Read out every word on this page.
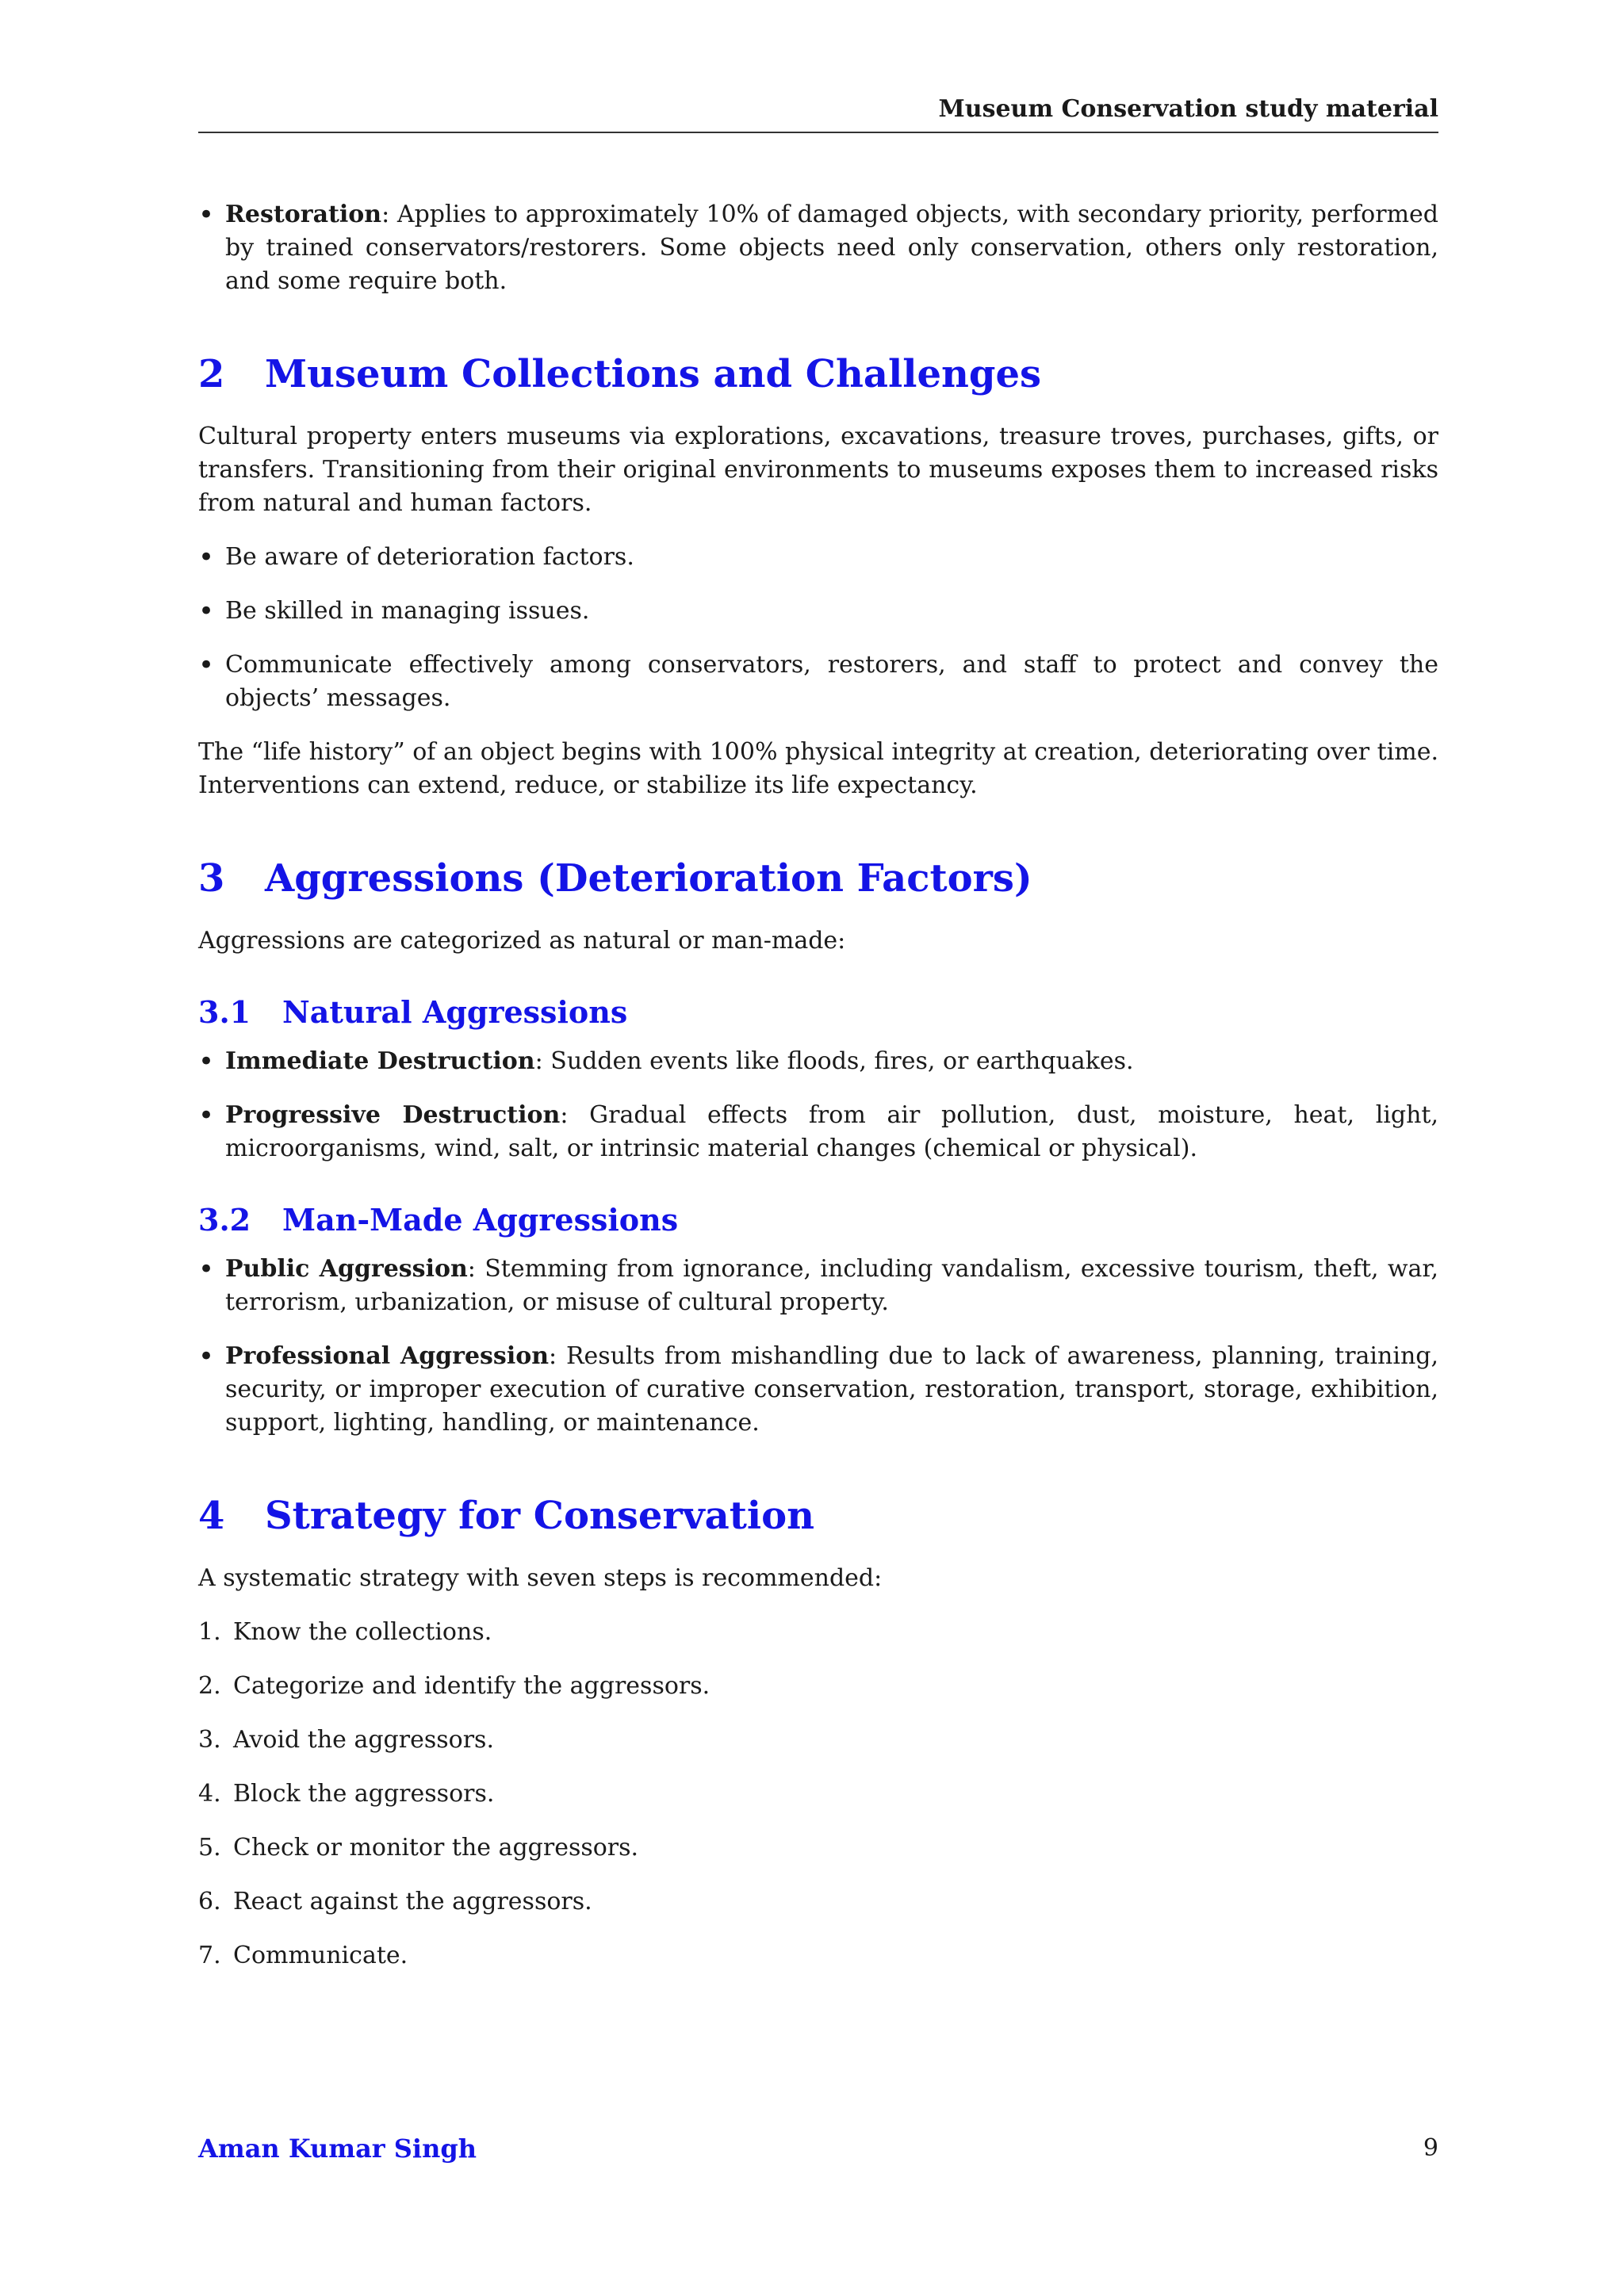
Museum Conservation study material
• Restoration: Applies to approximately 10% of damaged objects, with secondary priority, performed by trained conservators/restorers. Some objects need only conservation, others only restoration, and some require both.
2 Museum Collections and Challenges

Cultural property enters museums via explorations, excavations, treasure troves, purchases, gifts, or transfers. Transitioning from their original environments to museums exposes them to increased risks from natural and human factors.

• Be aware of deterioration factors.
• Be skilled in managing issues.
• Communicate effectively among conservators, restorers, and staff to protect and convey the objects’ messages.

The “life history” of an object begins with 100% physical integrity at creation, deteriorating over time. Interventions can extend, reduce, or stabilize its life expectancy.

3 Aggressions (Deterioration Factors)

Aggressions are categorized as natural or man-made:

3.1 Natural Aggressions
• Immediate Destruction: Sudden events like floods, fires, or earthquakes.
• Progressive Destruction: Gradual effects from air pollution, dust, moisture, heat, light, microorganisms, wind, salt, or intrinsic material changes (chemical or physical).
3.2 Man-Made Aggressions
• Public Aggression: Stemming from ignorance, including vandalism, excessive tourism, theft, war, terrorism, urbanization, or misuse of cultural property.
• Professional Aggression: Results from mishandling due to lack of awareness, planning, training, security, or improper execution of curative conservation, restoration, transport, storage, exhibition, support, lighting, handling, or maintenance.
4 Strategy for Conservation

A systematic strategy with seven steps is recommended:

1. Know the collections.
2. Categorize and identify the aggressors.
3. Avoid the aggressors.
4. Block the aggressors.
5. Check or monitor the aggressors.
6. React against the aggressors.
7. Communicate.
Aman Kumar Singh	9
